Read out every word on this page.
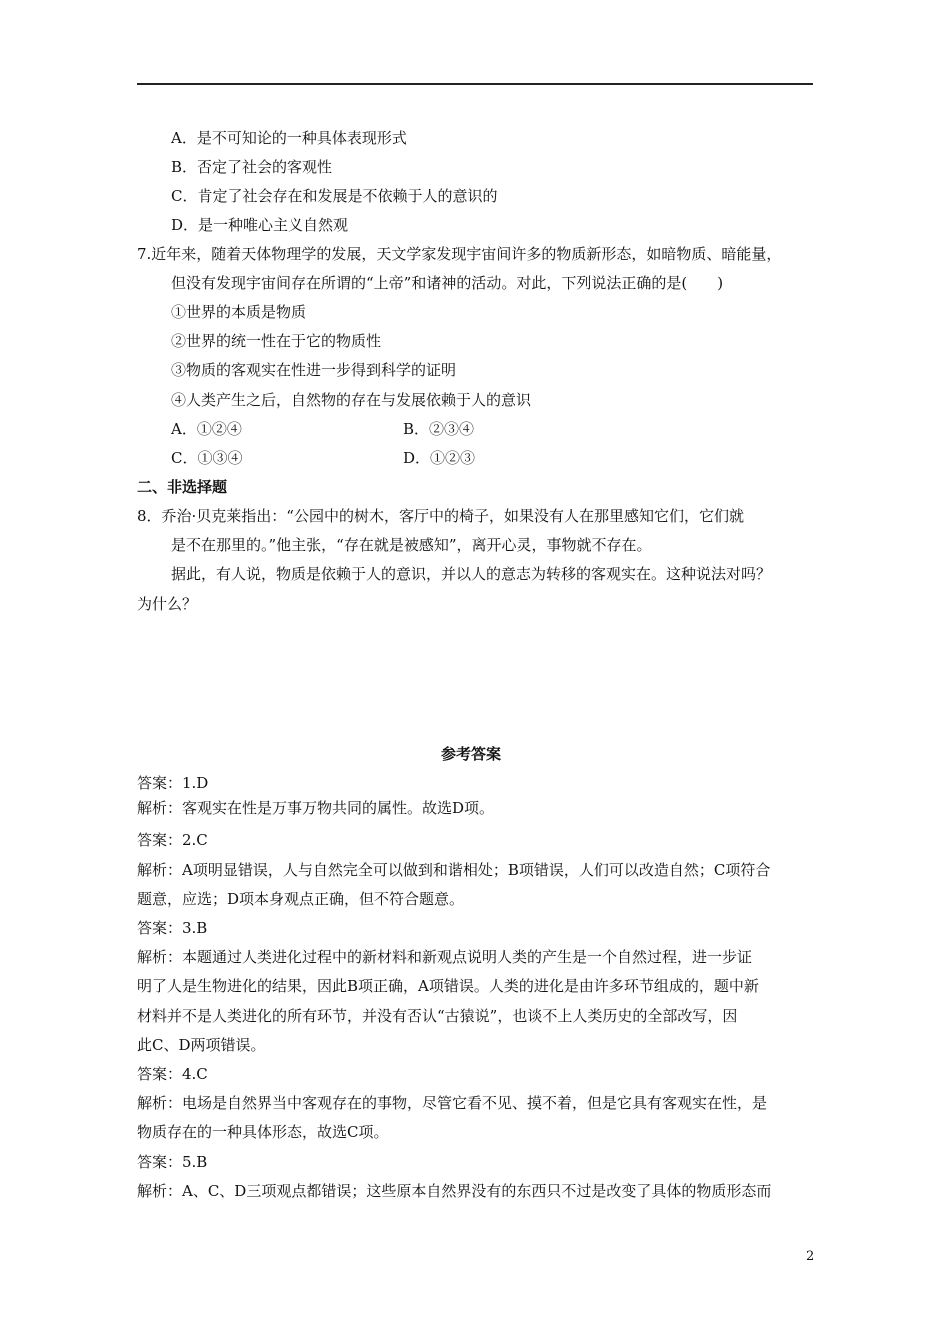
A．是不可知论的一种具体表现形式
B．否定了社会的客观性
C．肯定了社会存在和发展是不依赖于人的意识的
D．是一种唯心主义自然观
7.近年来，随着天体物理学的发展，天文学家发现宇宙间许多的物质新形态，如暗物质、暗能量，
但没有发现宇宙间存在所谓的“上帝”和诸神的活动。对此，下列说法正确的是(　　)
①世界的本质是物质
②世界的统一性在于它的物质性
③物质的客观实在性进一步得到科学的证明
④人类产生之后，自然物的存在与发展依赖于人的意识
A．①②④	B．②③④
C．①③④	D．①②③
二、非选择题
8．乔治·贝克莱指出：“公园中的树木，客厅中的椅子，如果没有人在那里感知它们，它们就
是不在那里的。”他主张，“存在就是被感知”，离开心灵，事物就不存在。
据此，有人说，物质是依赖于人的意识，并以人的意志为转移的客观实在。这种说法对吗？
为什么？
参考答案
答案：1.D
解析：客观实在性是万事万物共同的属性。故选D项。
答案：2.C
解析：A项明显错误，人与自然完全可以做到和谐相处；B项错误，人们可以改造自然；C项符合
题意，应选；D项本身观点正确，但不符合题意。
答案：3.B
解析：本题通过人类进化过程中的新材料和新观点说明人类的产生是一个自然过程，进一步证
明了人是生物进化的结果，因此B项正确，A项错误。人类的进化是由许多环节组成的，题中新
材料并不是人类进化的所有环节，并没有否认“古猿说”，也谈不上人类历史的全部改写，因
此C、D两项错误。
答案：4.C
解析：电场是自然界当中客观存在的事物，尽管它看不见、摸不着，但是它具有客观实在性，是
物质存在的一种具体形态，故选C项。
答案：5.B
解析：A、C、D三项观点都错误；这些原本自然界没有的东西只不过是改变了具体的物质形态而
2
